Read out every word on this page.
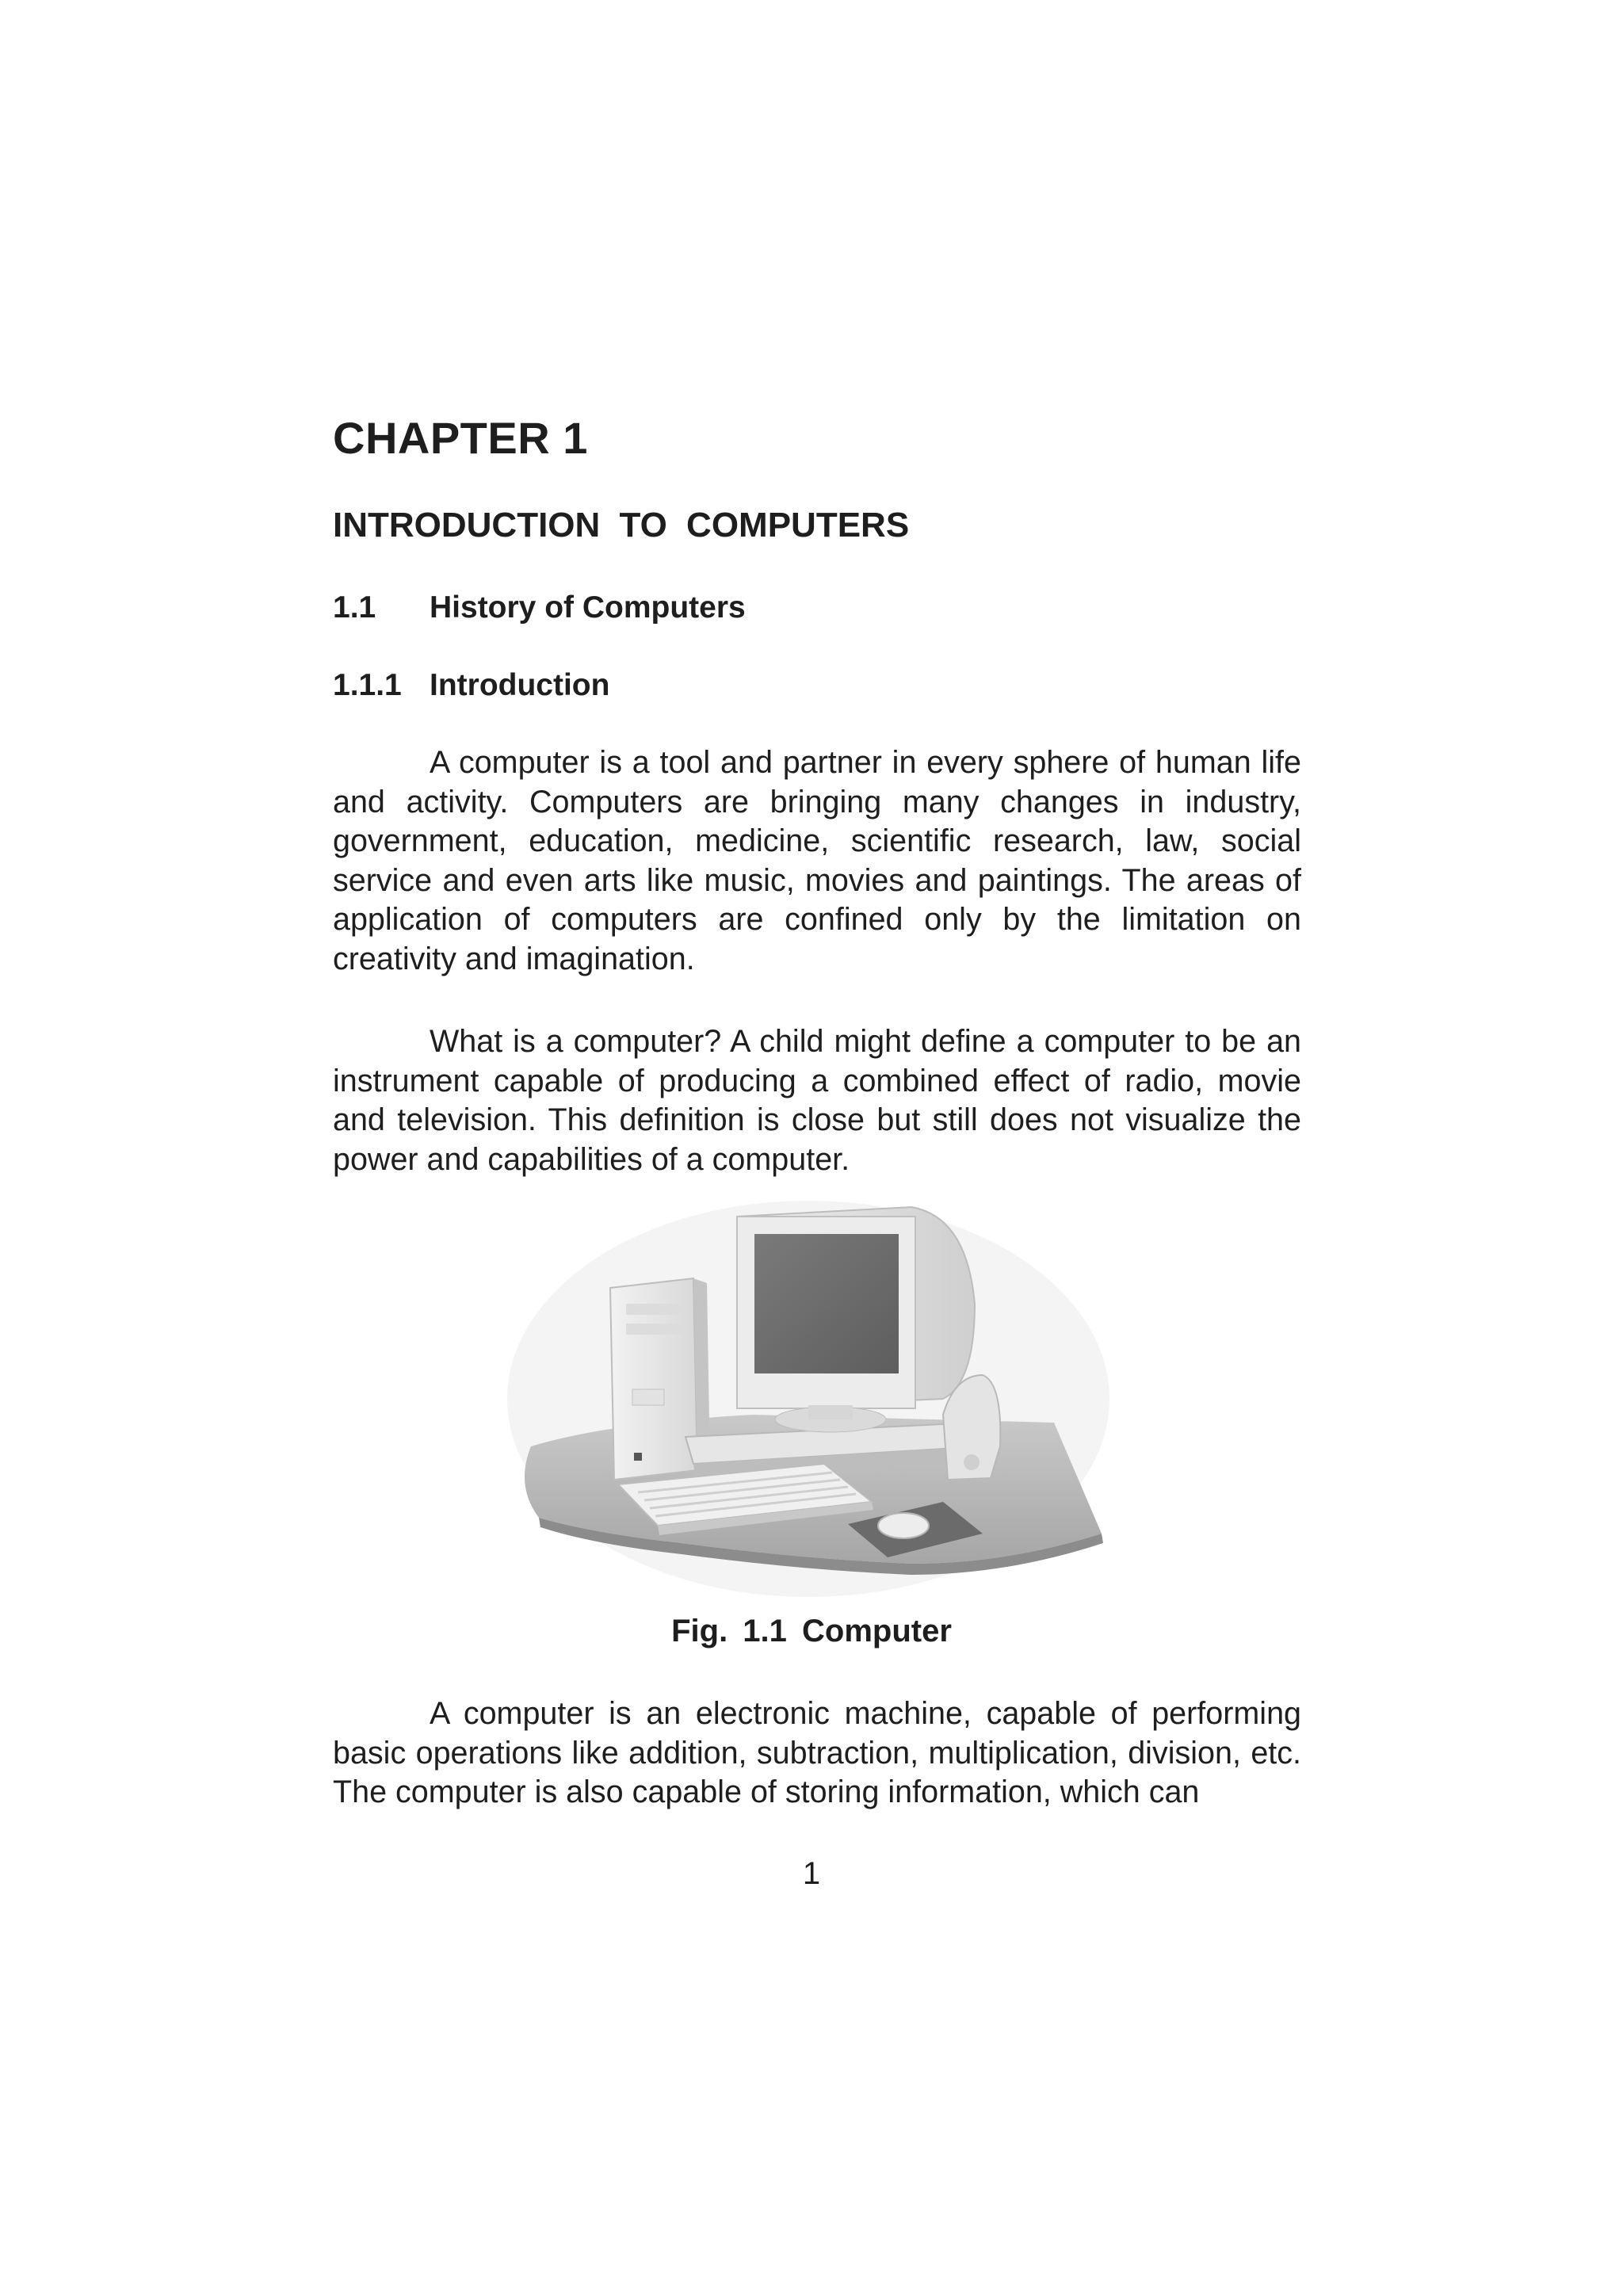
CHAPTER 1
INTRODUCTION TO COMPUTERS
1.1 History of Computers
1.1.1 Introduction

A computer is a tool and partner in every sphere of human life and activity. Computers are bringing many changes in industry, government, education, medicine, scientific research, law, social service and even arts like music, movies and paintings. The areas of application of computers are confined only by the limitation on creativity and imagination.

What is a computer? A child might define a computer to be an instrument capable of producing a combined effect of radio, movie and television. This definition is close but still does not visualize the power and capabilities of a computer.

Fig. 1.1 Computer

A computer is an electronic machine, capable of performing basic operations like addition, subtraction, multiplication, division, etc. The computer is also capable of storing information, which can

1
